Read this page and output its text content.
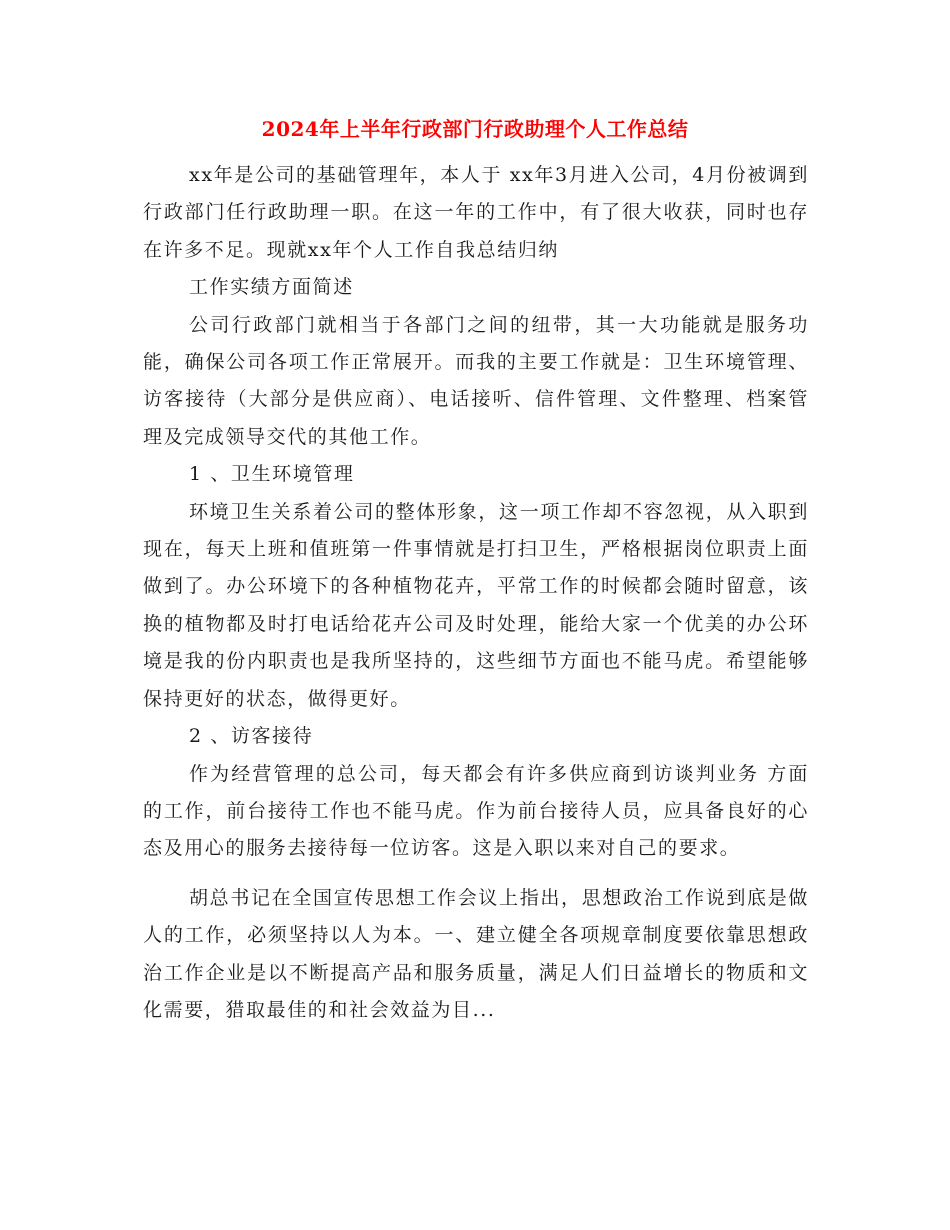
2024年上半年行政部门行政助理个人工作总结

xx年是公司的基础管理年，本人于 xx年3月进入公司，4月份被调到行政部门任行政助理一职。在这一年的工作中，有了很大收获，同时也存在许多不足。现就xx年个人工作自我总结归纳

工作实绩方面简述

公司行政部门就相当于各部门之间的纽带，其一大功能就是服务功能，确保公司各项工作正常展开。而我的主要工作就是：卫生环境管理、访客接待（大部分是供应商）、电话接听、信件管理、文件整理、档案管理及完成领导交代的其他工作。

1 、卫生环境管理

环境卫生关系着公司的整体形象，这一项工作却不容忽视，从入职到现在，每天上班和值班第一件事情就是打扫卫生，严格根据岗位职责上面做到了。办公环境下的各种植物花卉，平常工作的时候都会随时留意，该换的植物都及时打电话给花卉公司及时处理，能给大家一个优美的办公环境是我的份内职责也是我所坚持的，这些细节方面也不能马虎。希望能够保持更好的状态，做得更好。

2 、访客接待

作为经营管理的总公司，每天都会有许多供应商到访谈判业务 方面的工作，前台接待工作也不能马虎。作为前台接待人员，应具备良好的心态及用心的服务去接待每一位访客。这是入职以来对自己的要求。

胡总书记在全国宣传思想工作会议上指出，思想政治工作说到底是做人的工作，必须坚持以人为本。一、建立健全各项规章制度要依靠思想政治工作企业是以不断提高产品和服务质量，满足人们日益增长的物质和文化需要，猎取最佳的和社会效益为目...
